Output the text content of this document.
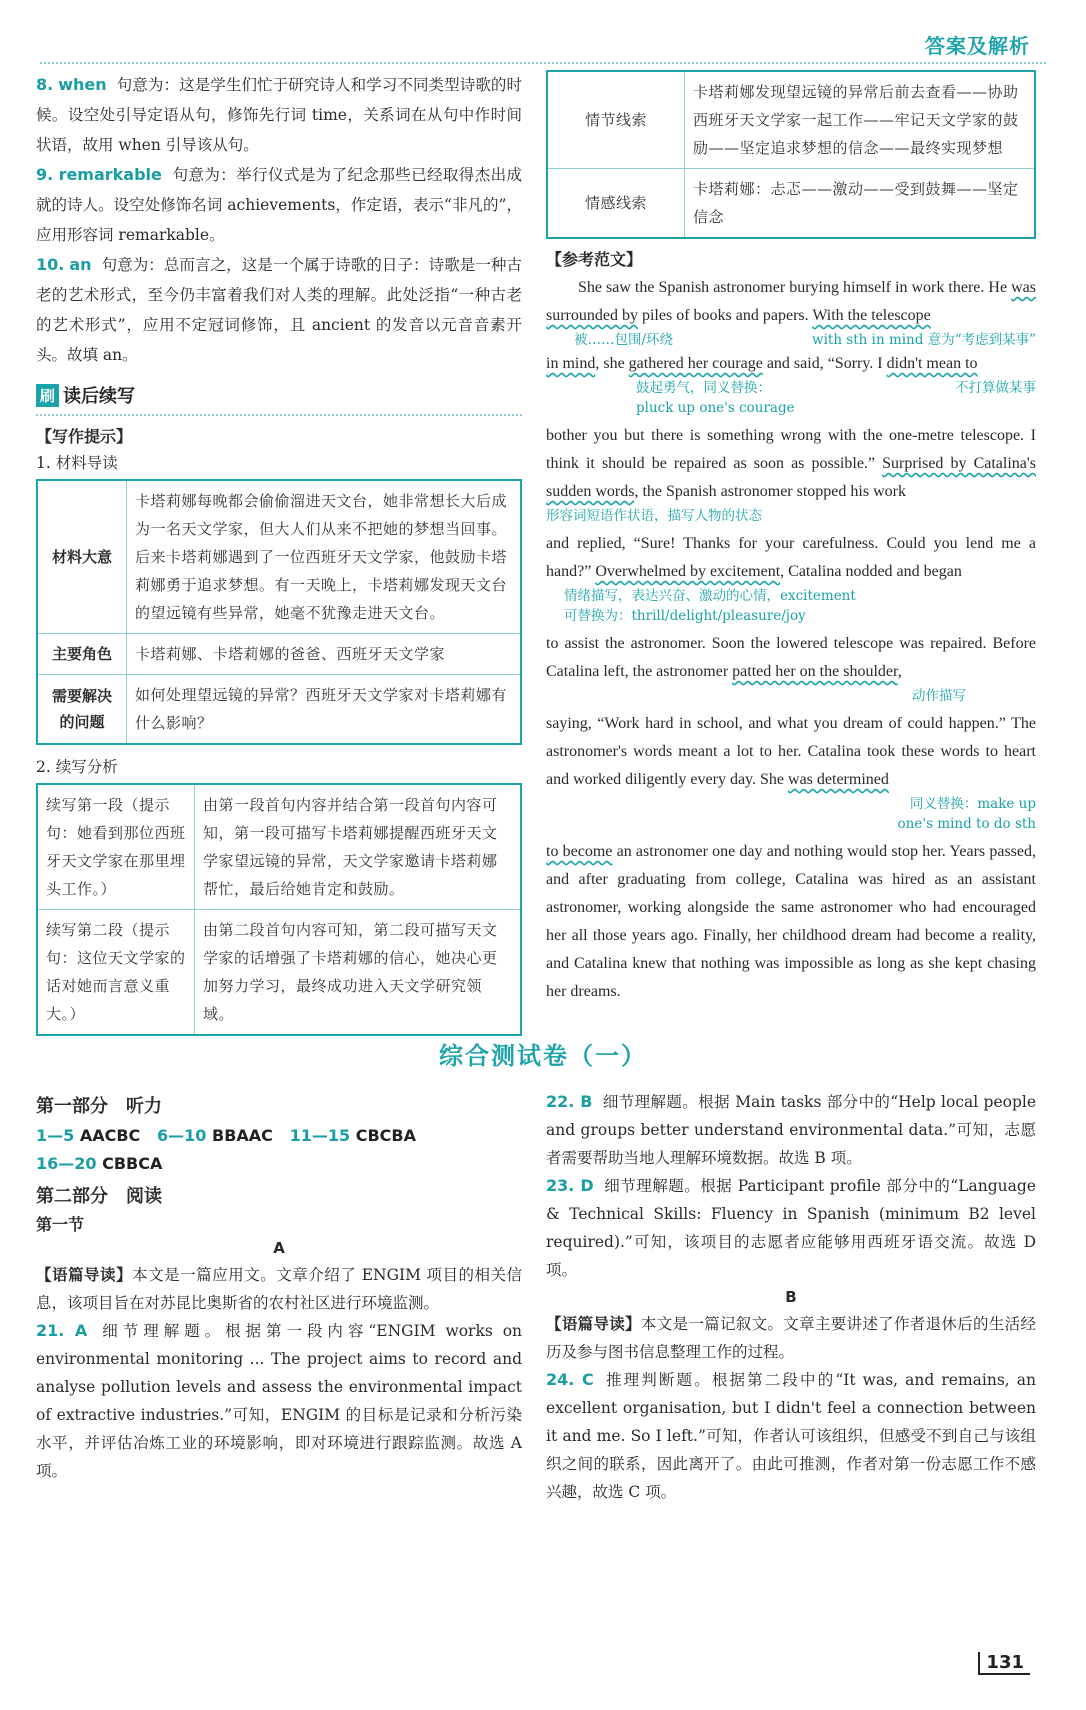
答案及解析

8. when 句意为：这是学生们忙于研究诗人和学习不同类型诗歌的时候。设空处引导定语从句，修饰先行词 time，关系词在从句中作时间状语，故用 when 引导该从句。

9. remarkable 句意为：举行仪式是为了纪念那些已经取得杰出成就的诗人。设空处修饰名词 achievements，作定语，表示“非凡的”，应用形容词 remarkable。

10. an 句意为：总而言之，这是一个属于诗歌的日子：诗歌是一种古老的艺术形式，至今仍丰富着我们对人类的理解。此处泛指“一种古老的艺术形式”，应用不定冠词修饰，且 ancient 的发音以元音音素开头。故填 an。

刷 读后续写
【写作提示】
1. 材料导读
材料大意	卡塔莉娜每晚都会偷偷溜进天文台，她非常想长大后成为一名天文学家，但大人们从来不把她的梦想当回事。后来卡塔莉娜遇到了一位西班牙天文学家，他鼓励卡塔莉娜勇于追求梦想。有一天晚上，卡塔莉娜发现天文台的望远镜有些异常，她毫不犹豫走进天文台。
主要角色	卡塔莉娜、卡塔莉娜的爸爸、西班牙天文学家
需要解决的问题	如何处理望远镜的异常？西班牙天文学家对卡塔莉娜有什么影响？
2. 续写分析
续写第一段（提示句：她看到那位西班牙天文学家在那里埋头工作。）	由第一段首句内容并结合第一段首句内容可知，第一段可描写卡塔莉娜提醒西班牙天文学家望远镜的异常，天文学家邀请卡塔莉娜帮忙，最后给她肯定和鼓励。
续写第二段（提示句：这位天文学家的话对她而言意义重大。）	由第二段首句内容可知，第二段可描写天文学家的话增强了卡塔莉娜的信心，她决心更加努力学习，最终成功进入天文学研究领域。
情节线索	卡塔莉娜发现望远镜的异常后前去查看——协助西班牙天文学家一起工作——牢记天文学家的鼓励——坚定追求梦想的信念——最终实现梦想
情感线索	卡塔莉娜：忐忑——激动——受到鼓舞——坚定信念
【参考范文】

She saw the Spanish astronomer burying himself in work there. He was surrounded by piles of books and papers. With the telescope

被……包围/环绕	with sth in mind 意为“考虑到某事”

in mind, she gathered her courage and said, “Sorry. I didn't mean to

鼓起勇气，同义替换：	不打算做某事
pluck up one's courage

bother you but there is something wrong with the one-metre telescope. I think it should be repaired as soon as possible.” Surprised by Catalina's sudden words, the Spanish astronomer stopped his work

形容词短语作状语，描写人物的状态

and replied, “Sure! Thanks for your carefulness. Could you lend me a hand?” Overwhelmed by excitement, Catalina nodded and began

情绪描写，表达兴奋、激动的心情，excitement
可替换为：thrill/delight/pleasure/joy

to assist the astronomer. Soon the lowered telescope was repaired. Before Catalina left, the astronomer patted her on the shoulder,

动作描写

saying, “Work hard in school, and what you dream of could happen.” The astronomer's words meant a lot to her. Catalina took these words to heart and worked diligently every day. She was determined

同义替换：make up
one's mind to do sth

to become an astronomer one day and nothing would stop her. Years passed, and after graduating from college, Catalina was hired as an assistant astronomer, working alongside the same astronomer who had encouraged her all those years ago. Finally, her childhood dream had become a reality, and Catalina knew that nothing was impossible as long as she kept chasing her dreams.

综合测试卷（一）
第一部分　听力
1—5 AACBC 6—10 BBAAC 11—15 CBCBA
16—20 CBBCA
第二部分　阅读
第一节
A

【语篇导读】本文是一篇应用文。文章介绍了 ENGIM 项目的相关信息，该项目旨在对苏昆比奥斯省的农村社区进行环境监测。

21. A 细节理解题。根据第一段内容“ENGIM works on environmental monitoring ... The project aims to record and analyse pollution levels and assess the environmental impact of extractive industries.”可知，ENGIM 的目标是记录和分析污染水平，并评估冶炼工业的环境影响，即对环境进行跟踪监测。故选 A 项。

22. B 细节理解题。根据 Main tasks 部分中的“Help local people and groups better understand environmental data.”可知，志愿者需要帮助当地人理解环境数据。故选 B 项。

23. D 细节理解题。根据 Participant profile 部分中的“Language & Technical Skills: Fluency in Spanish (minimum B2 level required).”可知，该项目的志愿者应能够用西班牙语交流。故选 D 项。

B

【语篇导读】本文是一篇记叙文。文章主要讲述了作者退休后的生活经历及参与图书信息整理工作的过程。

24. C 推理判断题。根据第二段中的“It was, and remains, an excellent organisation, but I didn't feel a connection between it and me. So I left.”可知，作者认可该组织，但感受不到自己与该组织之间的联系，因此离开了。由此可推测，作者对第一份志愿工作不感兴趣，故选 C 项。

131
